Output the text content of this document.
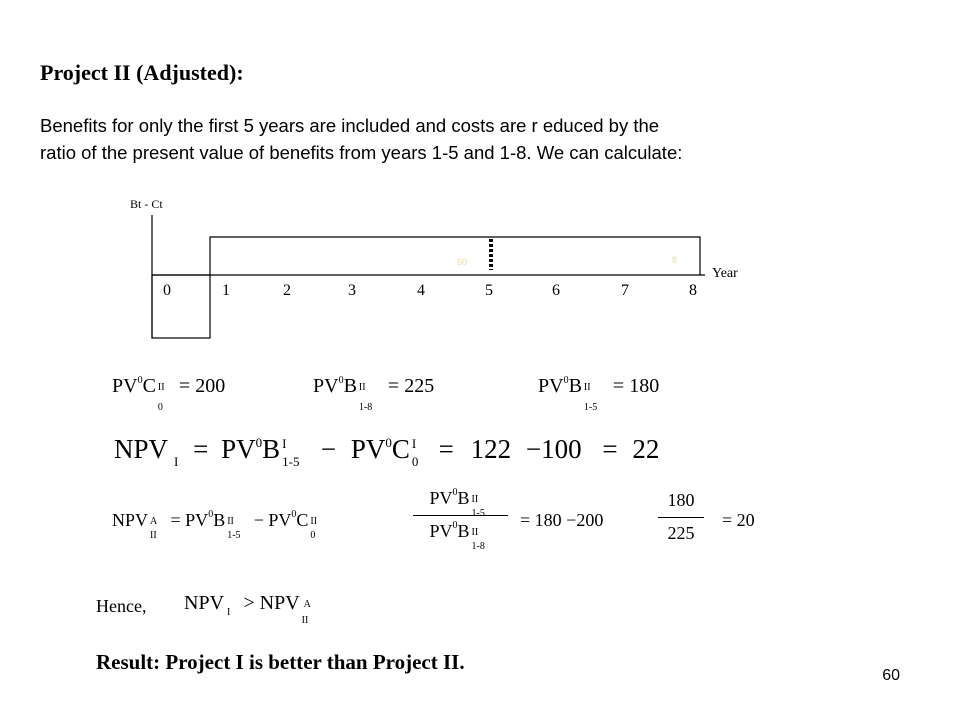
Project II (Adjusted):
Benefits for only the first 5 years are included and costs are r educed by the
ratio of the present value of benefits from years 1-5 and 1-8. We can calculate:
Bt - Ct
60	8
Year
0	1	2	3	4	5	6	7	8
$PV^0C$ II
0
= 200	$PV^0B$ II
1-8
= 225	$PV^0B$ II
1-5
= 180
NPV $_I = PV^0B$ I
$1-5 - PV^0C$ I
0 = 122 −100 = 22
NPV A
II
= $PV^0B$ II
1-5
− $PV^0C$ II
0
$PV^0B$ II
1-5
$PV^0B$ II
1-8
= 180 −200
180
225
= 20
Hence, NPV $_I$ > NPV A
II
Result: Project I is better than Project II.
60
